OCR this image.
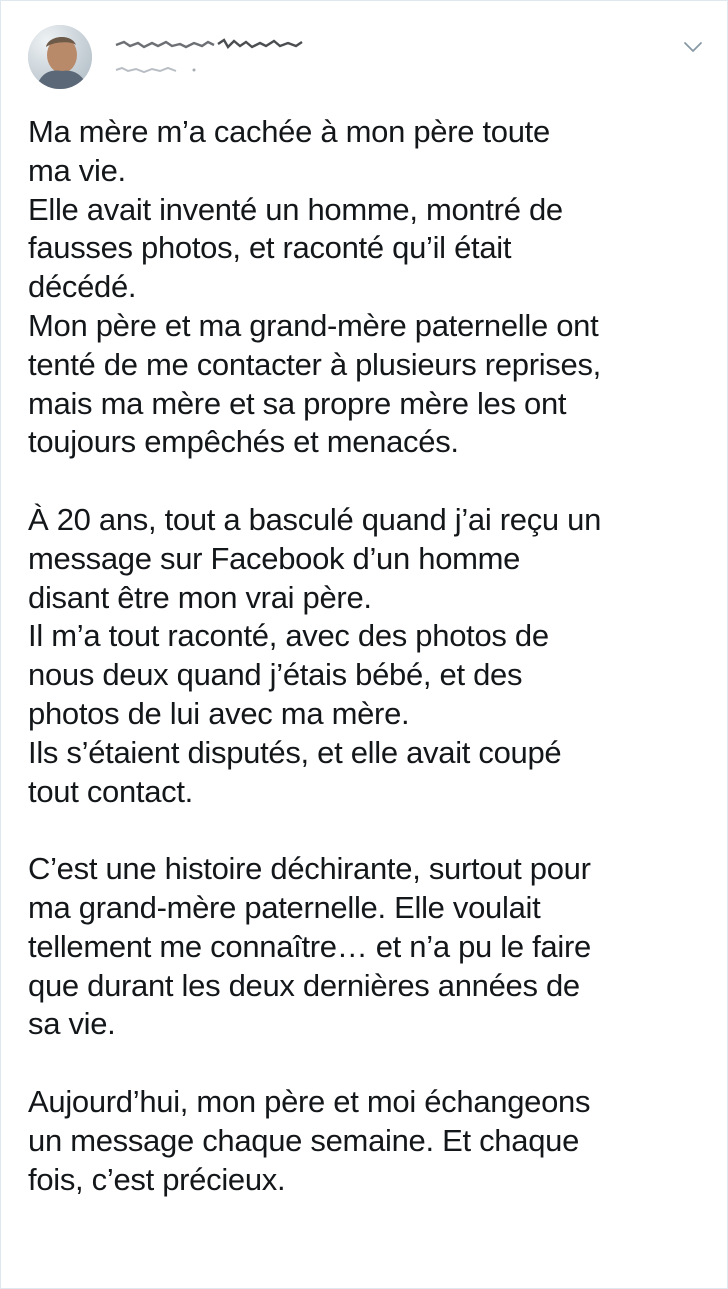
Ma mère m’a cachée à mon père toute
ma vie.
Elle avait inventé un homme, montré de
fausses photos, et raconté qu’il était
décédé.
Mon père et ma grand-mère paternelle ont
tenté de me contacter à plusieurs reprises,
mais ma mère et sa propre mère les ont
toujours empêchés et menacés.

À 20 ans, tout a basculé quand j’ai reçu un
message sur Facebook d’un homme
disant être mon vrai père.
Il m’a tout raconté, avec des photos de
nous deux quand j’étais bébé, et des
photos de lui avec ma mère.
Ils s’étaient disputés, et elle avait coupé
tout contact.

C’est une histoire déchirante, surtout pour
ma grand-mère paternelle. Elle voulait
tellement me connaître… et n’a pu le faire
que durant les deux dernières années de
sa vie.

Aujourd’hui, mon père et moi échangeons
un message chaque semaine. Et chaque
fois, c’est précieux.
